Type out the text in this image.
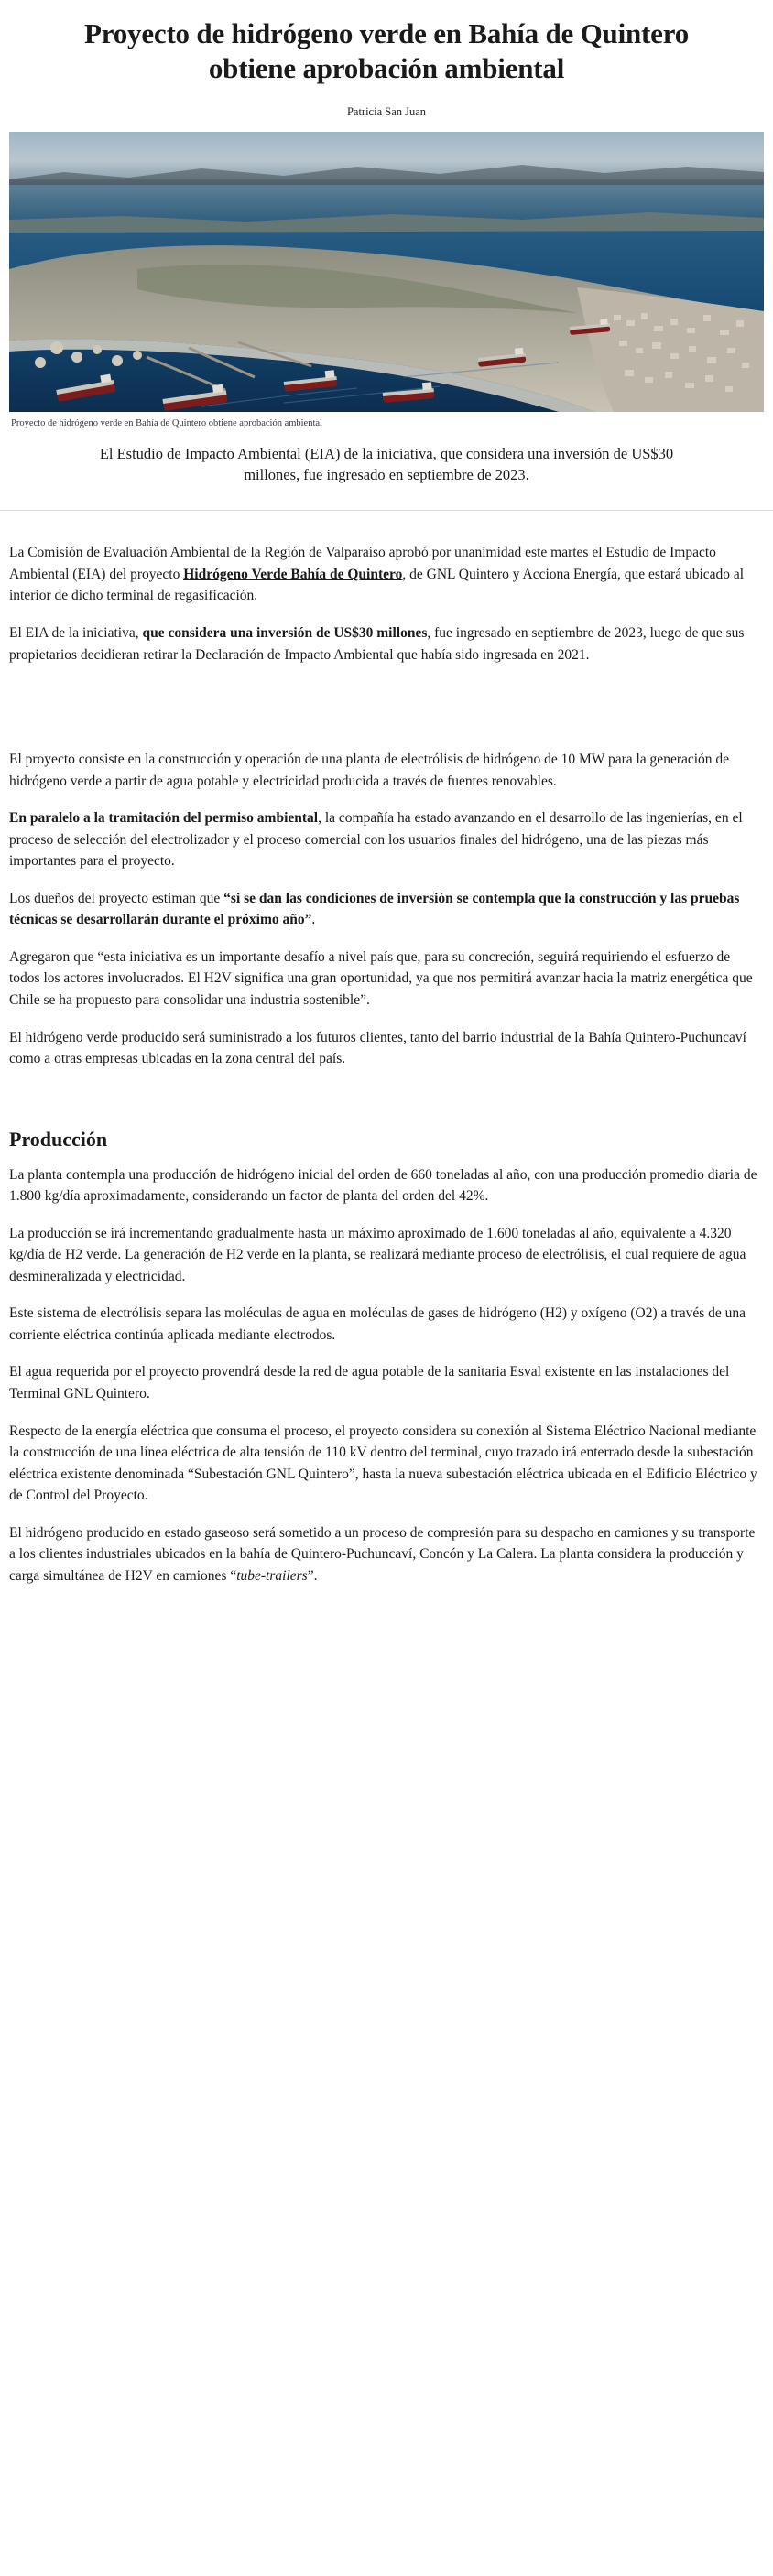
Proyecto de hidrógeno verde en Bahía de Quintero obtiene aprobación ambiental
Patricia San Juan
Proyecto de hidrógeno verde en Bahía de Quintero obtiene aprobación ambiental
El Estudio de Impacto Ambiental (EIA) de la iniciativa, que considera una inversión de US$30 millones, fue ingresado en septiembre de 2023.

La Comisión de Evaluación Ambiental de la Región de Valparaíso aprobó por unanimidad este martes el Estudio de Impacto Ambiental (EIA) del proyecto Hidrógeno Verde Bahía de Quintero, de GNL Quintero y Acciona Energía, que estará ubicado al interior de dicho terminal de regasificación.

El EIA de la iniciativa, que considera una inversión de US$30 millones, fue ingresado en septiembre de 2023, luego de que sus propietarios decidieran retirar la Declaración de Impacto Ambiental que había sido ingresada en 2021.

El proyecto consiste en la construcción y operación de una planta de electrólisis de hidrógeno de 10 MW para la generación de hidrógeno verde a partir de agua potable y electricidad producida a través de fuentes renovables.

En paralelo a la tramitación del permiso ambiental, la compañía ha estado avanzando en el desarrollo de las ingenierías, en el proceso de selección del electrolizador y el proceso comercial con los usuarios finales del hidrógeno, una de las piezas más importantes para el proyecto.

Los dueños del proyecto estiman que “si se dan las condiciones de inversión se contempla que la construcción y las pruebas técnicas se desarrollarán durante el próximo año”.

Agregaron que “esta iniciativa es un importante desafío a nivel país que, para su concreción, seguirá requiriendo el esfuerzo de todos los actores involucrados. El H2V significa una gran oportunidad, ya que nos permitirá avanzar hacia la matriz energética que Chile se ha propuesto para consolidar una industria sostenible”.

El hidrógeno verde producido será suministrado a los futuros clientes, tanto del barrio industrial de la Bahía Quintero-Puchuncaví como a otras empresas ubicadas en la zona central del país.

Producción

La planta contempla una producción de hidrógeno inicial del orden de 660 toneladas al año, con una producción promedio diaria de 1.800 kg/día aproximadamente, considerando un factor de planta del orden del 42%.

La producción se irá incrementando gradualmente hasta un máximo aproximado de 1.600 toneladas al año, equivalente a 4.320 kg/día de H2 verde. La generación de H2 verde en la planta, se realizará mediante proceso de electrólisis, el cual requiere de agua desmineralizada y electricidad.

Este sistema de electrólisis separa las moléculas de agua en moléculas de gases de hidrógeno (H2) y oxígeno (O2) a través de una corriente eléctrica continúa aplicada mediante electrodos.

El agua requerida por el proyecto provendrá desde la red de agua potable de la sanitaria Esval existente en las instalaciones del Terminal GNL Quintero.

Respecto de la energía eléctrica que consuma el proceso, el proyecto considera su conexión al Sistema Eléctrico Nacional mediante la construcción de una línea eléctrica de alta tensión de 110 kV dentro del terminal, cuyo trazado irá enterrado desde la subestación eléctrica existente denominada “Subestación GNL Quintero”, hasta la nueva subestación eléctrica ubicada en el Edificio Eléctrico y de Control del Proyecto.

El hidrógeno producido en estado gaseoso será sometido a un proceso de compresión para su despacho en camiones y su transporte a los clientes industriales ubicados en la bahía de Quintero-Puchuncaví, Concón y La Calera. La planta considera la producción y carga simultánea de H2V en camiones “tube-trailers”.
